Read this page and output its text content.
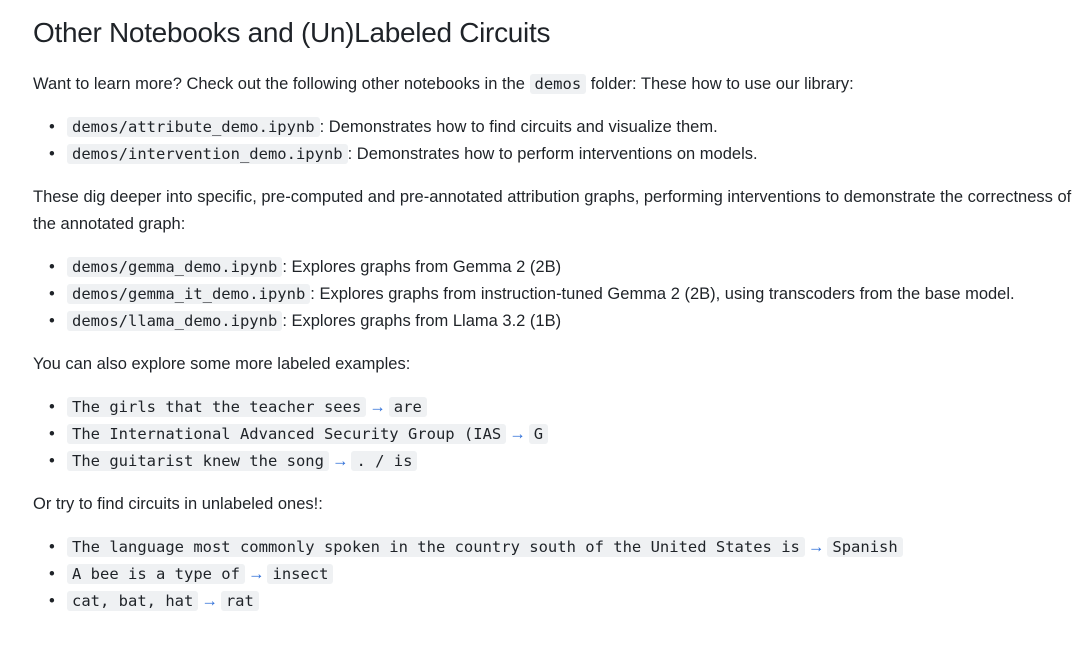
Other Notebooks and (Un)Labeled Circuits

Want to learn more? Check out the following other notebooks in the demos folder: These how to use our library:

• demos/attribute_demo.ipynb : Demonstrates how to find circuits and visualize them.
• demos/intervention_demo.ipynb : Demonstrates how to perform interventions on models.

These dig deeper into specific, pre-computed and pre-annotated attribution graphs, performing interventions to demonstrate the correctness of the annotated graph:

• demos/gemma_demo.ipynb : Explores graphs from Gemma 2 (2B)
• demos/gemma_it_demo.ipynb : Explores graphs from instruction-tuned Gemma 2 (2B), using transcoders from the base model.
• demos/llama_demo.ipynb : Explores graphs from Llama 3.2 (1B)

You can also explore some more labeled examples:

• The girls that the teacher sees → are
• The International Advanced Security Group (IAS → G
• The guitarist knew the song → . / is

Or try to find circuits in unlabeled ones!:

• The language most commonly spoken in the country south of the United States is → Spanish
• A bee is a type of → insect
• cat, bat, hat → rat
